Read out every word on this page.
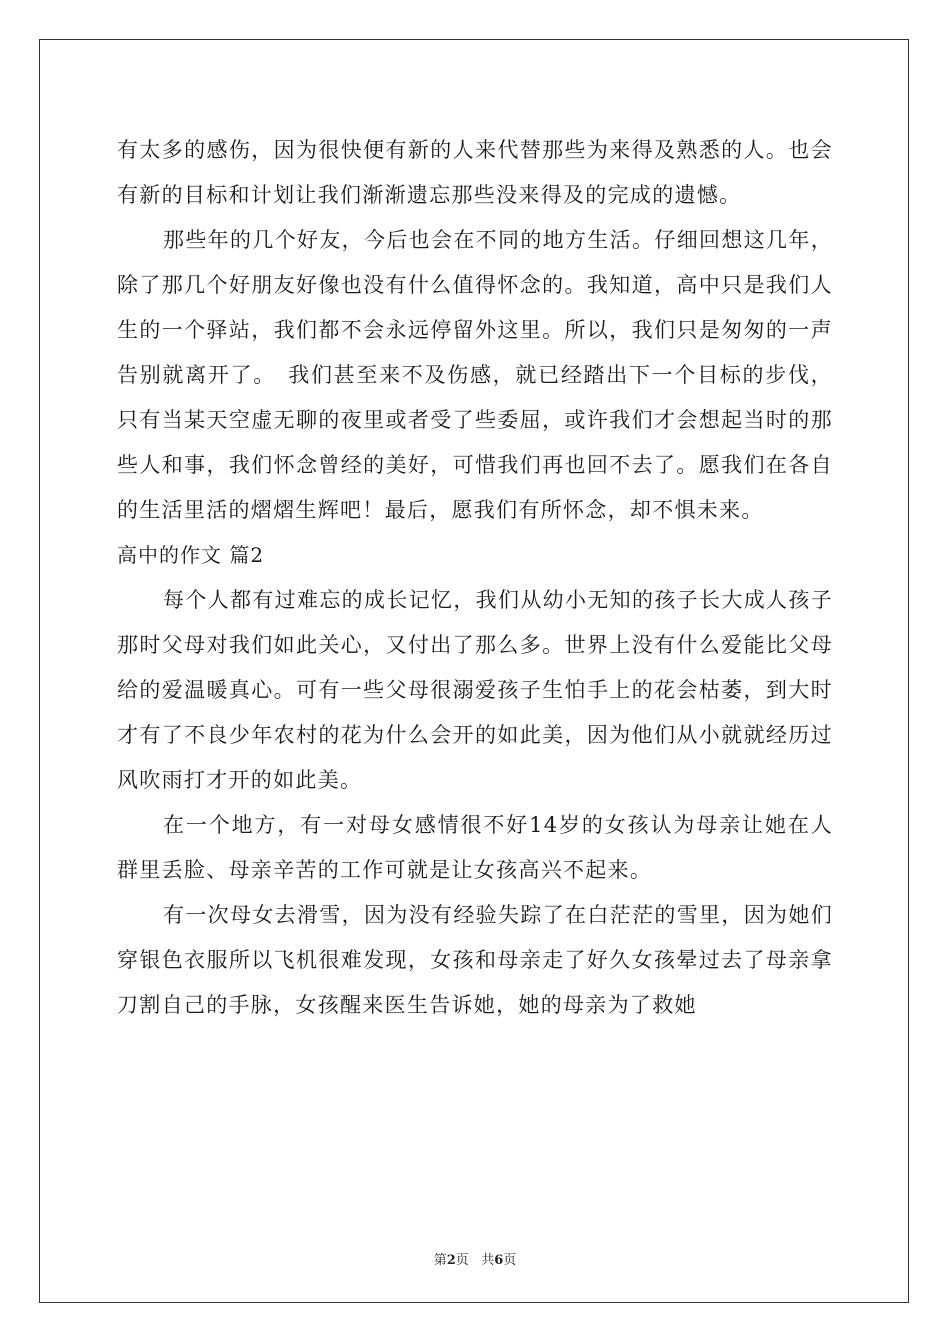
有太多的感伤，因为很快便有新的人来代替那些为来得及熟悉的人。也会有新的目标和计划让我们渐渐遗忘那些没来得及的完成的遗憾。

那些年的几个好友，今后也会在不同的地方生活。仔细回想这几年，除了那几个好朋友好像也没有什么值得怀念的。我知道，高中只是我们人生的一个驿站，我们都不会永远停留外这里。所以，我们只是匆匆的一声告别就离开了。　我们甚至来不及伤感，就已经踏出下一个目标的步伐，只有当某天空虚无聊的夜里或者受了些委屈，或许我们才会想起当时的那些人和事，我们怀念曾经的美好，可惜我们再也回不去了。愿我们在各自的生活里活的熠熠生辉吧！最后，愿我们有所怀念，却不惧未来。

高中的作文 篇2

每个人都有过难忘的成长记忆，我们从幼小无知的孩子长大成人孩子那时父母对我们如此关心，又付出了那么多。世界上没有什么爱能比父母给的爱温暖真心。可有一些父母很溺爱孩子生怕手上的花会枯萎，到大时才有了不良少年农村的花为什么会开的如此美，因为他们从小就就经历过风吹雨打才开的如此美。

在一个地方，有一对母女感情很不好14岁的女孩认为母亲让她在人群里丢脸、母亲辛苦的工作可就是让女孩高兴不起来。

有一次母女去滑雪，因为没有经验失踪了在白茫茫的雪里，因为她们穿银色衣服所以飞机很难发现，女孩和母亲走了好久女孩晕过去了母亲拿刀割自己的手脉，女孩醒来医生告诉她，她的母亲为了救她

第2页 共6页
